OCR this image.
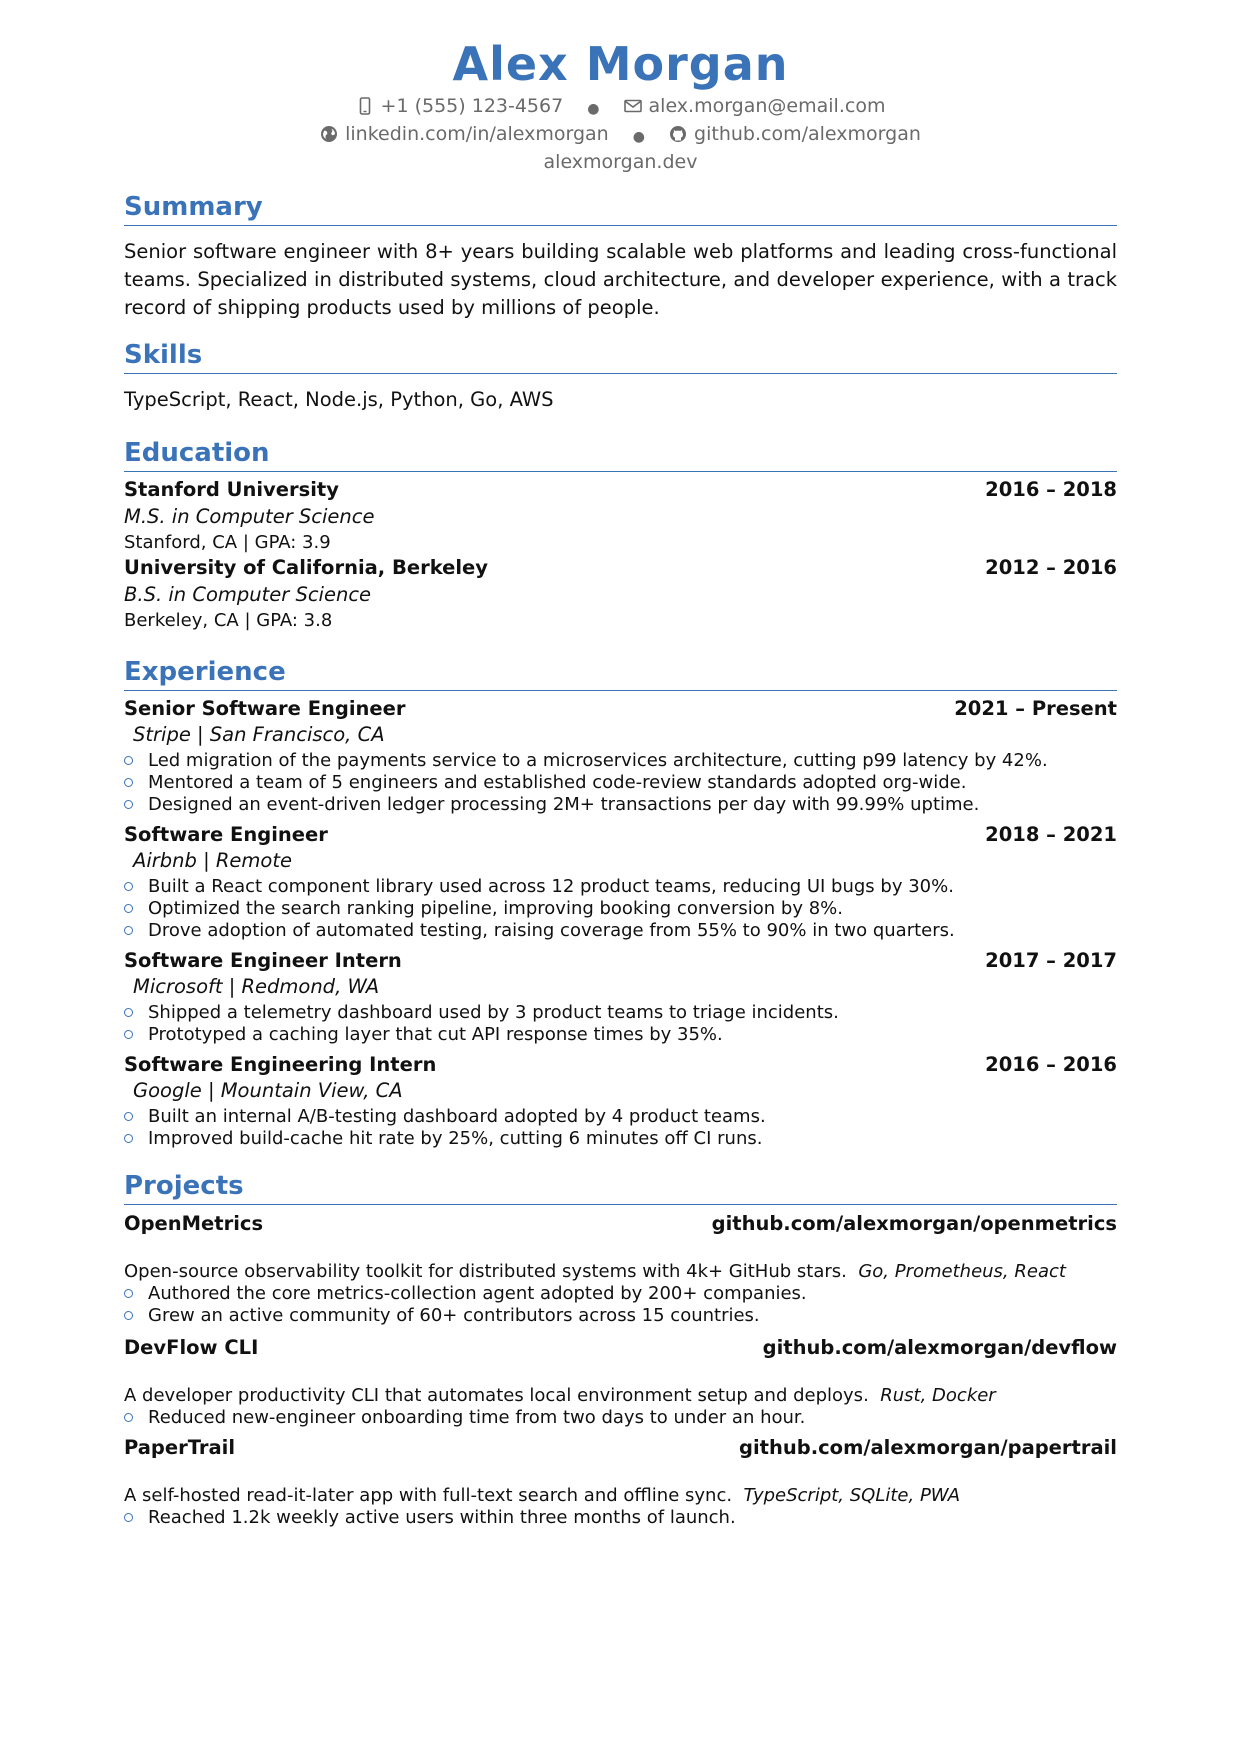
Alex Morgan
+1 (555) 123-4567 ●	alex.morgan@email.com
linkedin.com/in/alexmorgan ●	github.com/alexmorgan
alexmorgan.dev
Summary
Senior software engineer with 8+ years building scalable web platforms and leading cross-functional teams. Specialized in distributed systems, cloud architecture, and developer experience, with a track record of shipping products used by millions of people.
Skills
TypeScript, React, Node.js, Python, Go, AWS
Education
Stanford University	2016 – 2018
M.S. in Computer Science
Stanford, CA | GPA: 3.9
University of California, Berkeley	2012 – 2016
B.S. in Computer Science
Berkeley, CA | GPA: 3.8
Experience
Senior Software Engineer	2021 – Present
Stripe | San Francisco, CA
Led migration of the payments service to a microservices architecture, cutting p99 latency by 42%.
Mentored a team of 5 engineers and established code-review standards adopted org-wide.
Designed an event-driven ledger processing 2M+ transactions per day with 99.99% uptime.
Software Engineer	2018 – 2021
Airbnb | Remote
Built a React component library used across 12 product teams, reducing UI bugs by 30%.
Optimized the search ranking pipeline, improving booking conversion by 8%.
Drove adoption of automated testing, raising coverage from 55% to 90% in two quarters.
Software Engineer Intern	2017 – 2017
Microsoft | Redmond, WA
Shipped a telemetry dashboard used by 3 product teams to triage incidents.
Prototyped a caching layer that cut API response times by 35%.
Software Engineering Intern	2016 – 2016
Google | Mountain View, CA
Built an internal A/B-testing dashboard adopted by 4 product teams.
Improved build-cache hit rate by 25%, cutting 6 minutes off CI runs.
Projects
OpenMetrics	github.com/alexmorgan/openmetrics
Open-source observability toolkit for distributed systems with 4k+ GitHub stars. Go, Prometheus, React
Authored the core metrics-collection agent adopted by 200+ companies.
Grew an active community of 60+ contributors across 15 countries.
DevFlow CLI	github.com/alexmorgan/devflow
A developer productivity CLI that automates local environment setup and deploys. Rust, Docker
Reduced new-engineer onboarding time from two days to under an hour.
PaperTrail	github.com/alexmorgan/papertrail
A self-hosted read-it-later app with full-text search and offline sync. TypeScript, SQLite, PWA
Reached 1.2k weekly active users within three months of launch.
